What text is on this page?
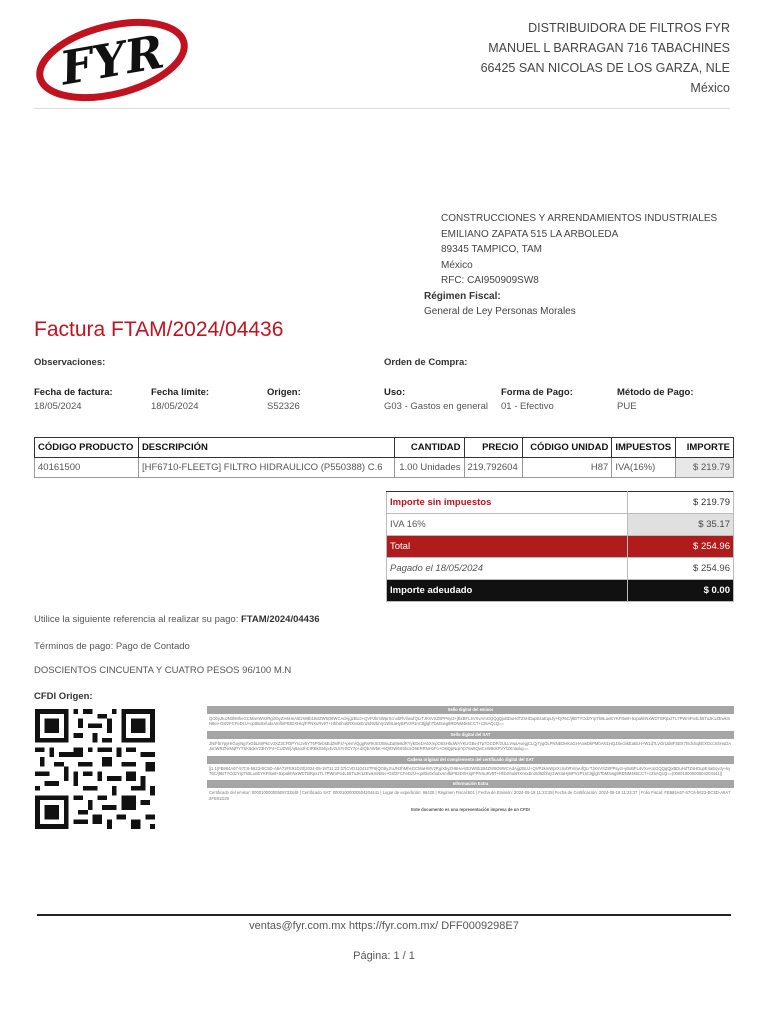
FYR	DISTRIBUIDORA DE FILTROS FYR
MANUEL L BARRAGAN 716 TABACHINES
66425 SAN NICOLAS DE LOS GARZA, NLE
México
CONSTRUCCIONES Y ARRENDAMIENTOS INDUSTRIALES
EMILIANO ZAPATA 515 LA ARBOLEDA
89345 TAMPICO, TAM
México
RFC: CAI950909SW8
Régimen Fiscal:
General de Ley Personas Morales
Factura FTAM/2024/04436
Observaciones:	Orden de Compra:
Fecha de factura:
18/05/2024
Fecha límite:
18/05/2024
Origen:
S52326
Uso:
G03 - Gastos en general
Forma de Pago:
01 - Efectivo
Método de Pago:
PUE
CÓDIGO PRODUCTO	DESCRIPCIÓN	CANTIDAD	PRECIO	CÓDIGO UNIDAD	IMPUESTOS	IMPORTE
40161500	[HF6710-FLEETG] FILTRO HIDRAULICO (P550388) C.6	1.00 Unidades	219.792604	H87	IVA(16%)	$ 219.79
Importe sin impuestos	$ 219.79
IVA 16%	$ 35.17
Total	$ 254.96
Pagado el 18/05/2024	$ 254.96
Importe adeudado	$ 0.00
Utilice la siguiente referencia al realizar su pago: FTAM/2024/04436
Términos de pago: Pago de Contado
DOSCIENTOS CINCUENTA Y CUATRO PESOS 96/100 M.N
CFDI Origen:
Sello digital del emisor
QObyJIuJN3hMheGCMaHWVzRgiXbyZH6HeAtEzW8b1B4ZW5O8WCAdAjgzBUJ+QVP2kmWprXcnxbRVi/wufQLrTJKsVSZ8PPsyi3+jBxBFL4VXvAmGQQgQjxBDuHdTZsHDupE4aEqvJy+ky76C/j9BTYOdzYrpTk8LueEYKFI5e8+5xpakhNxWDTBRpxzTL7PWmPo4L55TuJK1ZEwkmN8ei+G8/2FCFeDzU+qoIBx0xfudxAmfbiP83DXHIq/FPNXuRv9T+HhbShukRXnsxEn2Id92bhIy1WsIaHyBPVzP1nC8jjlghTbMSwg8RDNM4k6CCT+c25AQcQ==
Sello digital del SAT
JN/FbIYpyHIGoyNgYxGbLMrPkcVJXZ3CFDPYrc2v5YT6P0ebsEdZMF4/+penVQggRsRKIEOBsuZaMe8dRYyEDeDA6XmpO5SHbuWAYKUGBe4Tp7GCDP/2ULLVwaAvegjCLQj7ygOLPNNEDHKaGHAowDkPMbAN1HQJSecbkEaBcH+W1d7LVOrtJd8FSBX7hIdxSqhEXOccSSHuDAJimWRZNrMqPYTSK6dxV23HYP4+CUZW/jAj8ao2hCIRBkS5hjx4v2L5Yr0CY7p+dIQbAWbK+6QrDW6S5bcsO5ERRNHoFo+OslQpNqeYp7sw5QwCxW8okPVYfZKnaxkg==
Cadena original del complemento del certificado digital del SAT
||1.1|FB984A67-57C6-5823-BC5D-A9A72FE91D20|2024-05-18T11:23:37|CVD110412TF6|QObyJIuJN3hMheGCMaHWVzRgiXbyZH6HeAtEzW8b1B4ZW5O8WCAdAjgzBUJ+QVP2kmWprXcnxbRVi/wufQLrTJKsVSZ8PPsyi3+jBxBFL4VXvAmGQQgQjxBDuHdTZsHDupE4aEqvJy+ky76C/j9BTYOdzYrpTk8LueEYKFI5e8+5xpakhNxWDTBRpxzTL7PWmPo4L55TuJK1ZEwkmN8ei+G8/2FCFeDzU+qoIBx0xfudxAmfbiP83DXHIq/FPNXuRv9T+HhbShukRXnsxEn2Id92bhIy1WsIaHyBPVzP1nC8jjlghTbMSwg8RDNM4k6CCT+c25AQcQ==|00001000000504204441||
Información Extra
Certificado del emisor: 00001000000505732848 | Certificado SAT: 00001000000504204441 | Lugar de expedición: 66425 | Régimen Fiscal:601 | Fecha de Emisión: 2024-05-18 11:23:28| Fecha de Certificación: 2024-05-18 11:23:37 | Folio Fiscal: FB984A67-57C6-5823-BC5D-A9A72FE91D20
Este documento es una representación impresa de un CFDI
ventas@fyr.com.mx https://fyr.com.mx/ DFF0009298E7
Página: 1 / 1
